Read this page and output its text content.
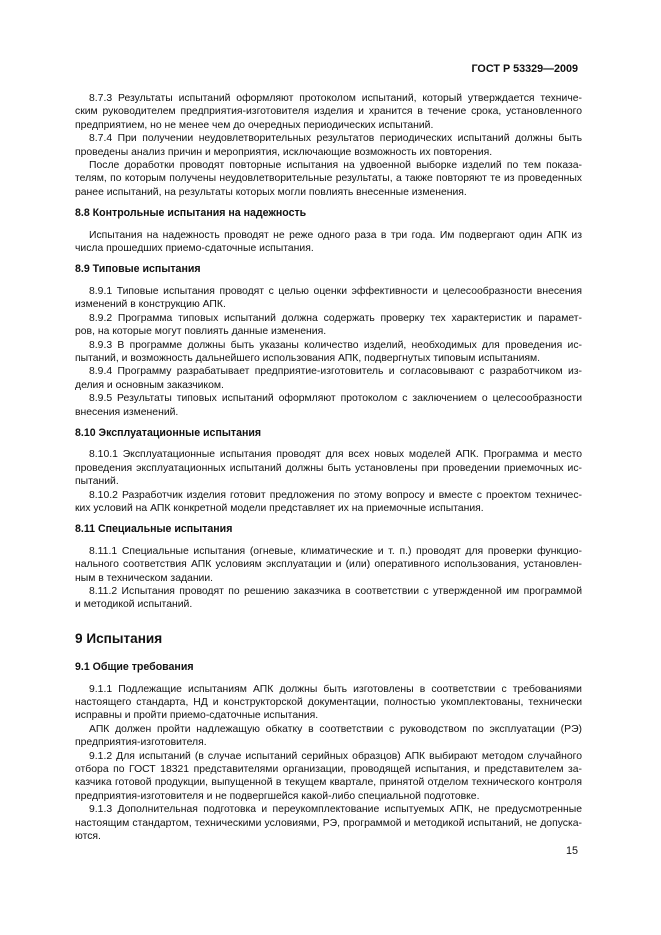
ГОСТ Р 53329—2009
8.7.3 Результаты испытаний оформляют протоколом испытаний, который утверждается техниче-
ским руководителем предприятия-изготовителя изделия и хранится в течение срока, установленного
предприятием, но не менее чем до очередных периодических испытаний.
8.7.4 При получении неудовлетворительных результатов периодических испытаний должны быть
проведены анализ причин и мероприятия, исключающие возможность их повторения.
После доработки проводят повторные испытания на удвоенной выборке изделий по тем показа-
телям, по которым получены неудовлетворительные результаты, а также повторяют те из проведенных
ранее испытаний, на результаты которых могли повлиять внесенные изменения.
8.8 Контрольные испытания на надежность
Испытания на надежность проводят не реже одного раза в три года. Им подвергают один АПК из
числа прошедших приемо-сдаточные испытания.
8.9 Типовые испытания
8.9.1 Типовые испытания проводят с целью оценки эффективности и целесообразности внесения
изменений в конструкцию АПК.
8.9.2 Программа типовых испытаний должна содержать проверку тех характеристик и парамет-
ров, на которые могут повлиять данные изменения.
8.9.3 В программе должны быть указаны количество изделий, необходимых для проведения ис-
пытаний, и возможность дальнейшего использования АПК, подвергнутых типовым испытаниям.
8.9.4 Программу разрабатывает предприятие-изготовитель и согласовывают с разработчиком из-
делия и основным заказчиком.
8.9.5 Результаты типовых испытаний оформляют протоколом с заключением о целесообразности
внесения изменений.
8.10 Эксплуатационные испытания
8.10.1 Эксплуатационные испытания проводят для всех новых моделей АПК. Программа и место
проведения эксплуатационных испытаний должны быть установлены при проведении приемочных ис-
пытаний.
8.10.2 Разработчик изделия готовит предложения по этому вопросу и вместе с проектом техничес-
ких условий на АПК конкретной модели представляет их на приемочные испытания.
8.11 Специальные испытания
8.11.1 Специальные испытания (огневые, климатические и т. п.) проводят для проверки функцио-
нального соответствия АПК условиям эксплуатации и (или) оперативного использования, установлен-
ным в техническом задании.
8.11.2 Испытания проводят по решению заказчика в соответствии с утвержденной им программой
и методикой испытаний.
9 Испытания
9.1 Общие требования
9.1.1 Подлежащие испытаниям АПК должны быть изготовлены в соответствии с требованиями
настоящего стандарта, НД и конструкторской документации, полностью укомплектованы, технически
исправны и пройти приемо-сдаточные испытания.
АПК должен пройти надлежащую обкатку в соответствии с руководством по эксплуатации (РЭ)
предприятия-изготовителя.
9.1.2 Для испытаний (в случае испытаний серийных образцов) АПК выбирают методом случайного
отбора по ГОСТ 18321 представителями организации, проводящей испытания, и представителем за-
казчика готовой продукции, выпущенной в текущем квартале, принятой отделом технического контроля
предприятия-изготовителя и не подвергшейся какой-либо специальной подготовке.
9.1.3 Дополнительная подготовка и переукомплектование испытуемых АПК, не предусмотренные
настоящим стандартом, техническими условиями, РЭ, программой и методикой испытаний, не допуска-
ются.
15
